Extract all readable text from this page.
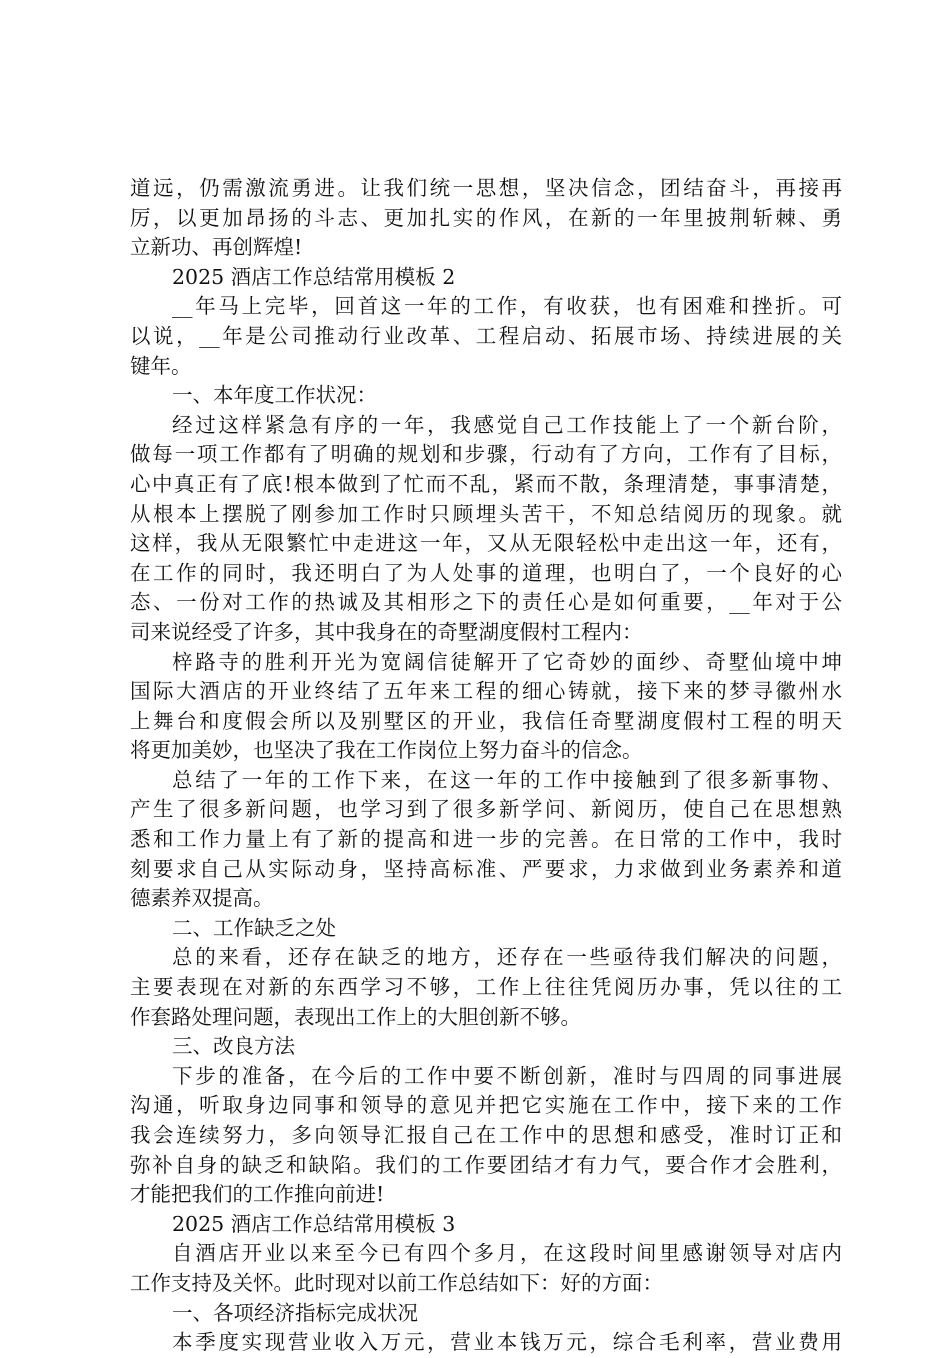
道远，仍需激流勇进。让我们统一思想，坚决信念，团结奋斗，再接再
厉，以更加昂扬的斗志、更加扎实的作风，在新的一年里披荆斩棘、勇
立新功、再创辉煌!
2025 酒店工作总结常用模板 2
__年马上完毕，回首这一年的工作，有收获，也有困难和挫折。可
以说，__年是公司推动行业改革、工程启动、拓展市场、持续进展的关
键年。
一、本年度工作状况：
经过这样紧急有序的一年，我感觉自己工作技能上了一个新台阶，
做每一项工作都有了明确的规划和步骤，行动有了方向，工作有了目标，
心中真正有了底!根本做到了忙而不乱，紧而不散，条理清楚，事事清楚，
从根本上摆脱了刚参加工作时只顾埋头苦干，不知总结阅历的现象。就
这样，我从无限繁忙中走进这一年，又从无限轻松中走出这一年，还有，
在工作的同时，我还明白了为人处事的道理，也明白了，一个良好的心
态、一份对工作的热诚及其相形之下的责任心是如何重要，__年对于公
司来说经受了许多，其中我身在的奇墅湖度假村工程内：
梓路寺的胜利开光为宽阔信徒解开了它奇妙的面纱、奇墅仙境中坤
国际大酒店的开业终结了五年来工程的细心铸就，接下来的梦寻徽州水
上舞台和度假会所以及别墅区的开业，我信任奇墅湖度假村工程的明天
将更加美妙，也坚决了我在工作岗位上努力奋斗的信念。
总结了一年的工作下来，在这一年的工作中接触到了很多新事物、
产生了很多新问题，也学习到了很多新学问、新阅历，使自己在思想熟
悉和工作力量上有了新的提高和进一步的完善。在日常的工作中，我时
刻要求自己从实际动身，坚持高标准、严要求，力求做到业务素养和道
德素养双提高。
二、工作缺乏之处
总的来看，还存在缺乏的地方，还存在一些亟待我们解决的问题，
主要表现在对新的东西学习不够，工作上往往凭阅历办事，凭以往的工
作套路处理问题，表现出工作上的大胆创新不够。
三、改良方法
下步的准备，在今后的工作中要不断创新，准时与四周的同事进展
沟通，听取身边同事和领导的意见并把它实施在工作中，接下来的工作
我会连续努力，多向领导汇报自己在工作中的思想和感受，准时订正和
弥补自身的缺乏和缺陷。我们的工作要团结才有力气，要合作才会胜利，
才能把我们的工作推向前进!
2025 酒店工作总结常用模板 3
自酒店开业以来至今已有四个多月，在这段时间里感谢领导对店内
工作支持及关怀。此时现对以前工作总结如下：好的方面：
一、各项经济指标完成状况
本季度实现营业收入万元，营业本钱万元，综合毛利率，营业费用
